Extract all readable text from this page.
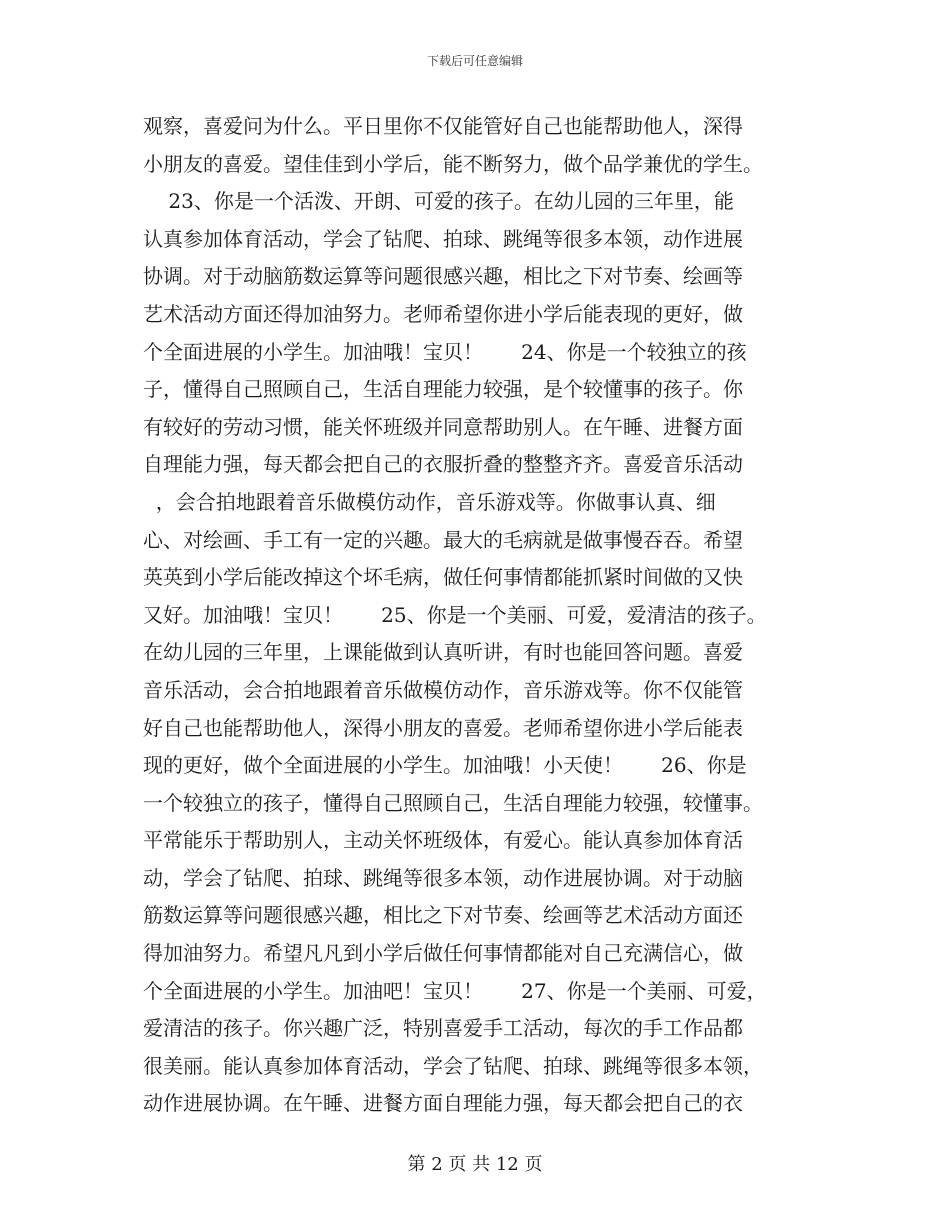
下载后可任意编辑
观察，喜爱问为什么。平日里你不仅能管好自己也能帮助他人，深得
小朋友的喜爱。望佳佳到小学后，能不断努力，做个品学兼优的学生。
23、你是一个活泼、开朗、可爱的孩子。在幼儿园的三年里，能
认真参加体育活动，学会了钻爬、拍球、跳绳等很多本领，动作进展
协调。对于动脑筋数运算等问题很感兴趣，相比之下对节奏、绘画等
艺术活动方面还得加油努力。老师希望你进小学后能表现的更好，做
个全面进展的小学生。加油哦！宝贝！      24、你是一个较独立的孩
子，懂得自己照顾自己，生活自理能力较强，是个较懂事的孩子。你
有较好的劳动习惯，能关怀班级并同意帮助别人。在午睡、进餐方面
自理能力强，每天都会把自己的衣服折叠的整整齐齐。喜爱音乐活动
，会合拍地跟着音乐做模仿动作，音乐游戏等。你做事认真、细
心、对绘画、手工有一定的兴趣。最大的毛病就是做事慢吞吞。希望
英英到小学后能改掉这个坏毛病，做任何事情都能抓紧时间做的又快
又好。加油哦！宝贝！      25、你是一个美丽、可爱，爱清洁的孩子。
在幼儿园的三年里，上课能做到认真听讲，有时也能回答问题。喜爱
音乐活动，会合拍地跟着音乐做模仿动作，音乐游戏等。你不仅能管
好自己也能帮助他人，深得小朋友的喜爱。老师希望你进小学后能表
现的更好，做个全面进展的小学生。加油哦！小天使！      26、你是
一个较独立的孩子，懂得自己照顾自己，生活自理能力较强，较懂事。
平常能乐于帮助别人，主动关怀班级体，有爱心。能认真参加体育活
动，学会了钻爬、拍球、跳绳等很多本领，动作进展协调。对于动脑
筋数运算等问题很感兴趣，相比之下对节奏、绘画等艺术活动方面还
得加油努力。希望凡凡到小学后做任何事情都能对自己充满信心，做
个全面进展的小学生。加油吧！宝贝！      27、你是一个美丽、可爱，
爱清洁的孩子。你兴趣广泛，特别喜爱手工活动，每次的手工作品都
很美丽。能认真参加体育活动，学会了钻爬、拍球、跳绳等很多本领，
动作进展协调。在午睡、进餐方面自理能力强，每天都会把自己的衣
第 2 页 共 12 页
